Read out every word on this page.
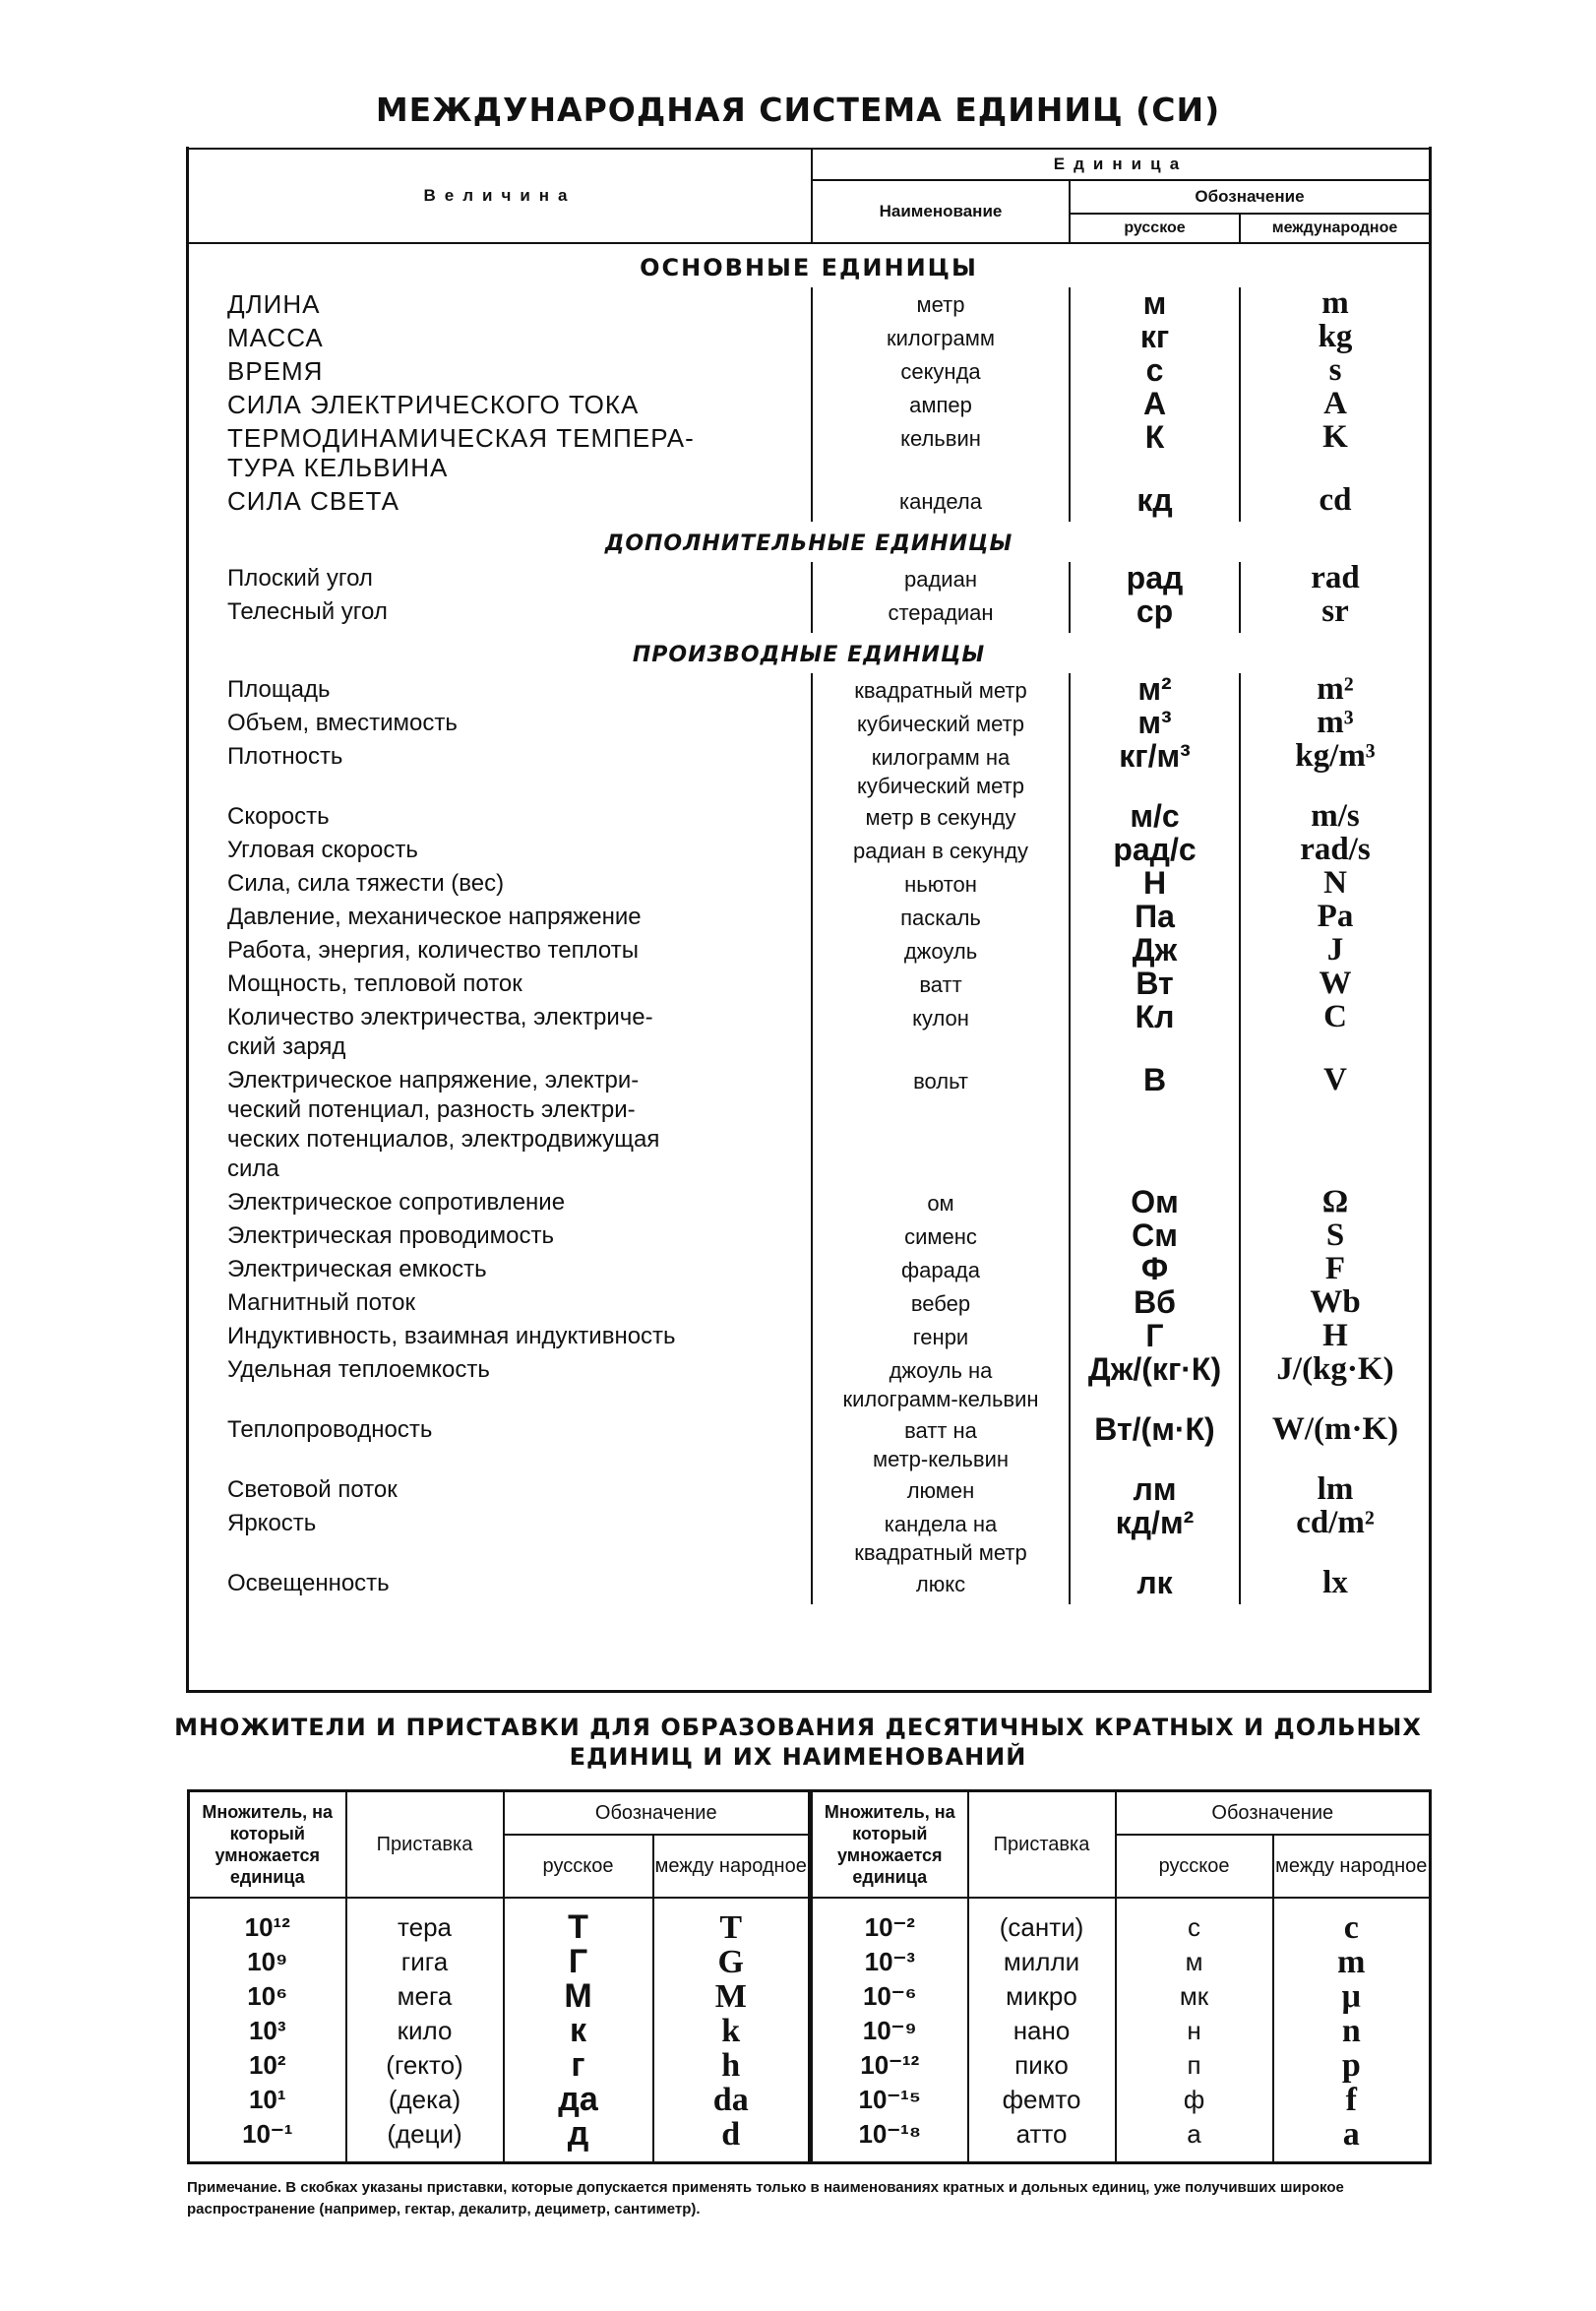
МЕЖДУНАРОДНАЯ СИСТЕМА ЕДИНИЦ (СИ)
Величина	Единица		
	Наименование	Обозначение	
		русское	международное
ОСНОВНЫЕ ЕДИНИЦЫ			
ДЛИНА	метр	м	m
МАССА	килограмм	кг	kg
ВРЕМЯ	секунда	с	s
СИЛА ЭЛЕКТРИЧЕСКОГО ТОКА	ампер	А	A
ТЕРМОДИНАМИЧЕСКАЯ ТЕМПЕРА-
ТУРА КЕЛЬВИНА	кельвин	К	K
СИЛА СВЕТА	кандела	кд	cd
ДОПОЛНИТЕЛЬНЫЕ ЕДИНИЦЫ			
Плоский угол	радиан	рад	rad
Телесный угол	стерадиан	ср	sr
ПРОИЗВОДНЫЕ ЕДИНИЦЫ			
Площадь	квадратный метр	м²	m²
Объем, вместимость	кубический метр	м³	m³
Плотность	килограмм на
кубический метр	кг/м³	kg/m³
Скорость	метр в секунду	м/с	m/s
Угловая скорость	радиан в секунду	рад/с	rad/s
Сила, сила тяжести (вес)	ньютон	Н	N
Давление, механическое напряжение	паскаль	Па	Pa
Работа, энергия, количество теплоты	джоуль	Дж	J
Мощность, тепловой поток	ватт	Вт	W
Количество электричества, электриче-
ский заряд	кулон	Кл	C
Электрическое напряжение, электри-
ческий потенциал, разность электри-
ческих потенциалов, электродвижущая
сила	вольт	В	V
Электрическое сопротивление	ом	Ом	Ω
Электрическая проводимость	сименс	См	S
Электрическая емкость	фарада	Ф	F
Магнитный поток	вебер	Вб	Wb
Индуктивность, взаимная индуктивность	генри	Г	H
Удельная теплоемкость	джоуль на
килограмм-кельвин	Дж/(кг·К)	J/(kg·K)
Теплопроводность	ватт на
метр-кельвин	Вт/(м·К)	W/(m·K)
Световой поток	люмен	лм	lm
Яркость	кандела на
квадратный метр	кд/м²	cd/m²
Освещенность	люкс	лк	lx
МНОЖИТЕЛИ И ПРИСТАВКИ ДЛЯ ОБРАЗОВАНИЯ ДЕСЯТИЧНЫХ КРАТНЫХ И ДОЛЬНЫХ
ЕДИНИЦ И ИХ НАИМЕНОВАНИЙ
Множитель, на который умножается единица	Приставка	Обозначение		Множитель, на который умножается единица	Приставка	Обозначение	
		русское	между народное			русское	между народное
10¹²	тера	Т	T	10⁻²	(санти)	с	c
10⁹	гига	Г	G	10⁻³	милли	м	m
10⁶	мега	М	M	10⁻⁶	микро	мк	μ
10³	кило	к	k	10⁻⁹	нано	н	n
10²	(гекто)	г	h	10⁻¹²	пико	п	p
10¹	(дека)	да	da	10⁻¹⁵	фемто	ф	f
10⁻¹	(деци)	д	d	10⁻¹⁸	атто	а	a
Примечание. В скобках указаны приставки, которые допускается применять только в наименованиях кратных и дольных единиц, уже получивших широкое распространение (например, гектар, декалитр, дециметр, сантиметр).
